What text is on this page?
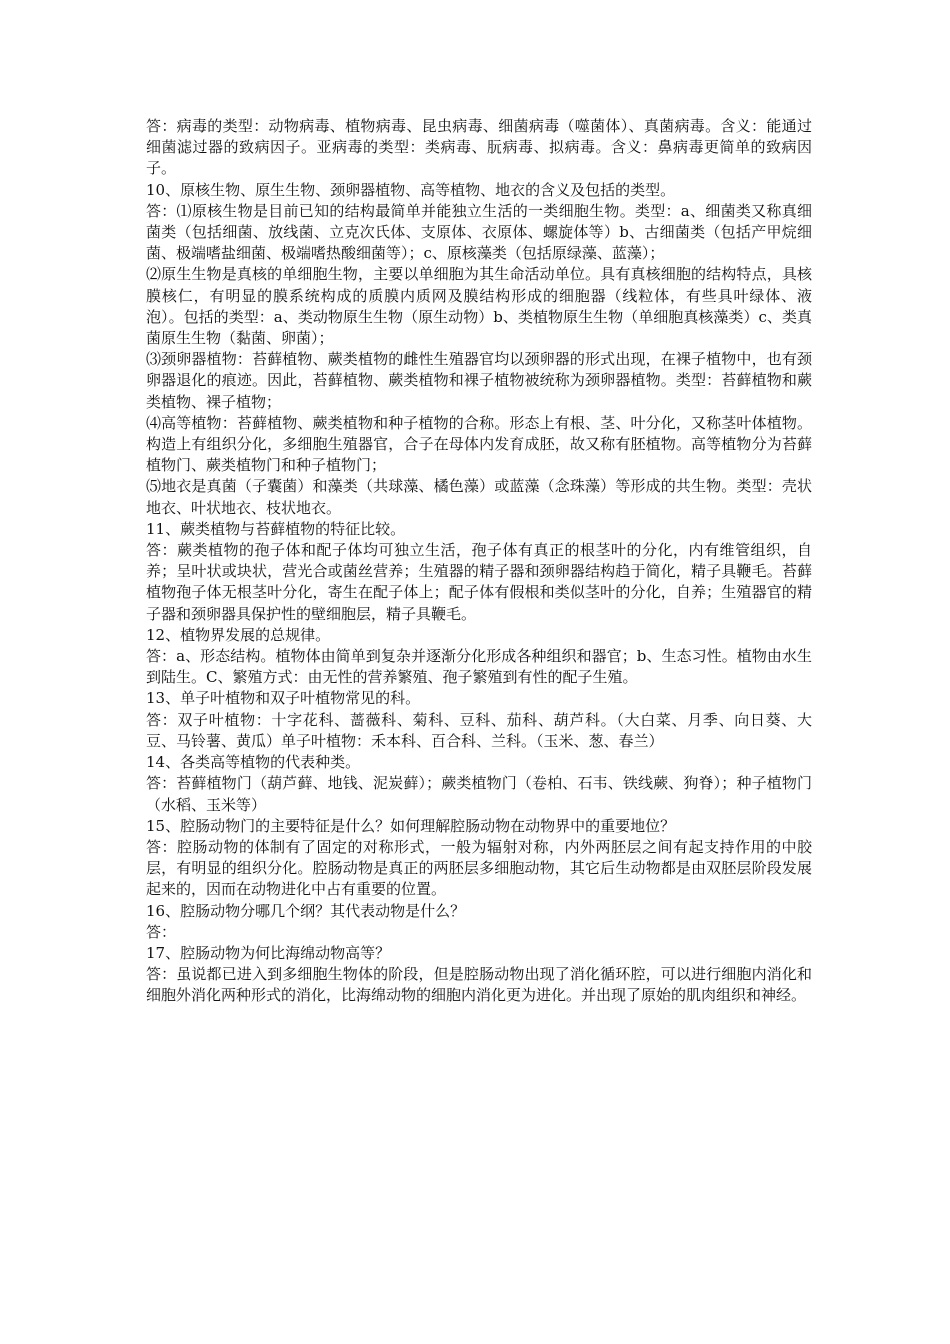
答：病毒的类型：动物病毒、植物病毒、昆虫病毒、细菌病毒（噬菌体）、真菌病毒。含义：能通过细菌滤过器的致病因子。亚病毒的类型：类病毒、朊病毒、拟病毒。含义：鼻病毒更简单的致病因子。

10、原核生物、原生生物、颈卵器植物、高等植物、地衣的含义及包括的类型。

答：⑴原核生物是目前已知的结构最简单并能独立生活的一类细胞生物。类型：a、细菌类又称真细菌类（包括细菌、放线菌、立克次氏体、支原体、衣原体、螺旋体等）b、古细菌类（包括产甲烷细菌、极端嗜盐细菌、极端嗜热酸细菌等）；c、原核藻类（包括原绿藻、蓝藻）；

⑵原生生物是真核的单细胞生物，主要以单细胞为其生命活动单位。具有真核细胞的结构特点，具核膜核仁，有明显的膜系统构成的质膜内质网及膜结构形成的细胞器（线粒体，有些具叶绿体、液泡）。包括的类型：a、类动物原生生物（原生动物）b、类植物原生生物（单细胞真核藻类）c、类真菌原生生物（黏菌、卵菌）；

⑶颈卵器植物：苔藓植物、蕨类植物的雌性生殖器官均以颈卵器的形式出现，在裸子植物中，也有颈卵器退化的痕迹。因此，苔藓植物、蕨类植物和裸子植物被统称为颈卵器植物。类型：苔藓植物和蕨类植物、裸子植物；

⑷高等植物：苔藓植物、蕨类植物和种子植物的合称。形态上有根、茎、叶分化，又称茎叶体植物。构造上有组织分化，多细胞生殖器官，合子在母体内发育成胚，故又称有胚植物。高等植物分为苔藓植物门、蕨类植物门和种子植物门；

⑸地衣是真菌（子囊菌）和藻类（共球藻、橘色藻）或蓝藻（念珠藻）等形成的共生物。类型：壳状地衣、叶状地衣、枝状地衣。

11、蕨类植物与苔藓植物的特征比较。

答：蕨类植物的孢子体和配子体均可独立生活，孢子体有真正的根茎叶的分化，内有维管组织，自养；呈叶状或块状，营光合或菌丝营养；生殖器的精子器和颈卵器结构趋于简化，精子具鞭毛。苔藓植物孢子体无根茎叶分化，寄生在配子体上；配子体有假根和类似茎叶的分化，自养；生殖器官的精子器和颈卵器具保护性的壁细胞层，精子具鞭毛。

12、植物界发展的总规律。

答：a、形态结构。植物体由简单到复杂并逐渐分化形成各种组织和器官；b、生态习性。植物由水生到陆生。C、繁殖方式：由无性的营养繁殖、孢子繁殖到有性的配子生殖。

13、单子叶植物和双子叶植物常见的科。

答：双子叶植物：十字花科、蔷薇科、菊科、豆科、茄科、葫芦科。（大白菜、月季、向日葵、大豆、马铃薯、黄瓜）单子叶植物：禾本科、百合科、兰科。（玉米、葱、春兰）

14、各类高等植物的代表种类。

答：苔藓植物门（葫芦藓、地钱、泥炭藓）；蕨类植物门（卷柏、石韦、铁线蕨、狗脊）；种子植物门（水稻、玉米等）

15、腔肠动物门的主要特征是什么？如何理解腔肠动物在动物界中的重要地位？

答：腔肠动物的体制有了固定的对称形式，一般为辐射对称，内外两胚层之间有起支持作用的中胶层，有明显的组织分化。腔肠动物是真正的两胚层多细胞动物，其它后生动物都是由双胚层阶段发展起来的，因而在动物进化中占有重要的位置。

16、腔肠动物分哪几个纲？其代表动物是什么？

答：

17、腔肠动物为何比海绵动物高等？

答：虽说都已进入到多细胞生物体的阶段，但是腔肠动物出现了消化循环腔，可以进行细胞内消化和细胞外消化两种形式的消化，比海绵动物的细胞内消化更为进化。并出现了原始的肌肉组织和神经。
